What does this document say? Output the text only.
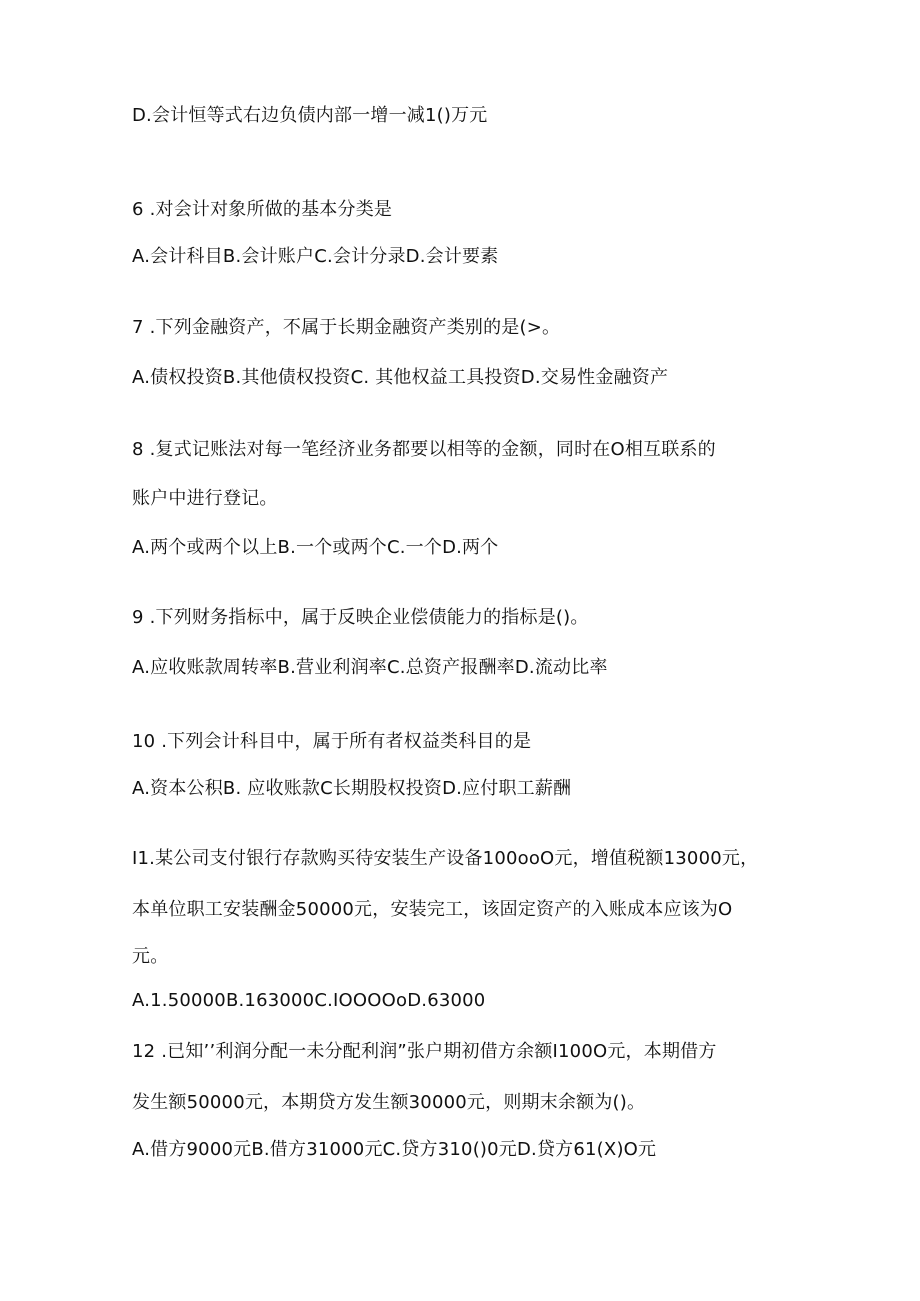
D.会计恒等式右边负债内部一增一减1()万元
6 .对会计对象所做的基本分类是
A.会计科目B.会计账户C.会计分录D.会计要素
7 .下列金融资产，不属于长期金融资产类别的是(>。
A.债权投资B.其他债权投资C. 其他权益工具投资D.交易性金融资产
8 .复式记账法对每一笔经济业务都要以相等的金额，同时在O相互联系的
账户中进行登记。
A.两个或两个以上B.一个或两个C.一个D.两个
9 .下列财务指标中，属于反映企业偿债能力的指标是()。
A.应收账款周转率B.营业利润率C.总资产报酬率D.流动比率
10 .下列会计科目中，属于所有者权益类科目的是
A.资本公积B. 应收账款C长期股权投资D.应付职工薪酬
I1.某公司支付银行存款购买待安装生产设备100ooO元，增值税额13000元，
本单位职工安装酬金50000元，安装完工，该固定资产的入账成本应该为O
元。
A.1.50000B.163000C.IOOOOoD.63000
12 .已知’’利润分配一未分配利润”张户期初借方余额I100O元，本期借方
发生额50000元，本期贷方发生额30000元，则期末余额为()。
A.借方9000元B.借方31000元C.贷方310()0元D.贷方61(X)O元
